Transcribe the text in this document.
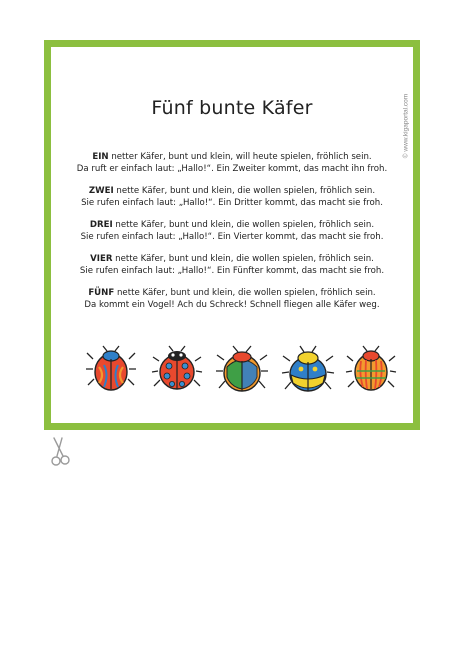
© www.kigaportal.com
Fünf bunte Käfer

EIN netter Käfer, bunt und klein, will heute spielen, fröhlich sein.
Da ruft er einfach laut: „Hallo!“. Ein Zweiter kommt, das macht ihn froh.

ZWEI nette Käfer, bunt und klein, die wollen spielen, fröhlich sein.
Sie rufen einfach laut: „Hallo!“. Ein Dritter kommt, das macht sie froh.

DREI nette Käfer, bunt und klein, die wollen spielen, fröhlich sein.
Sie rufen einfach laut: „Hallo!“. Ein Vierter kommt, das macht sie froh.

VIER nette Käfer, bunt und klein, die wollen spielen, fröhlich sein.
Sie rufen einfach laut: „Hallo!“. Ein Fünfter kommt, das macht sie froh.

FÜNF nette Käfer, bunt und klein, die wollen spielen, fröhlich sein.
Da kommt ein Vogel! Ach du Schreck! Schnell fliegen alle Käfer weg.
